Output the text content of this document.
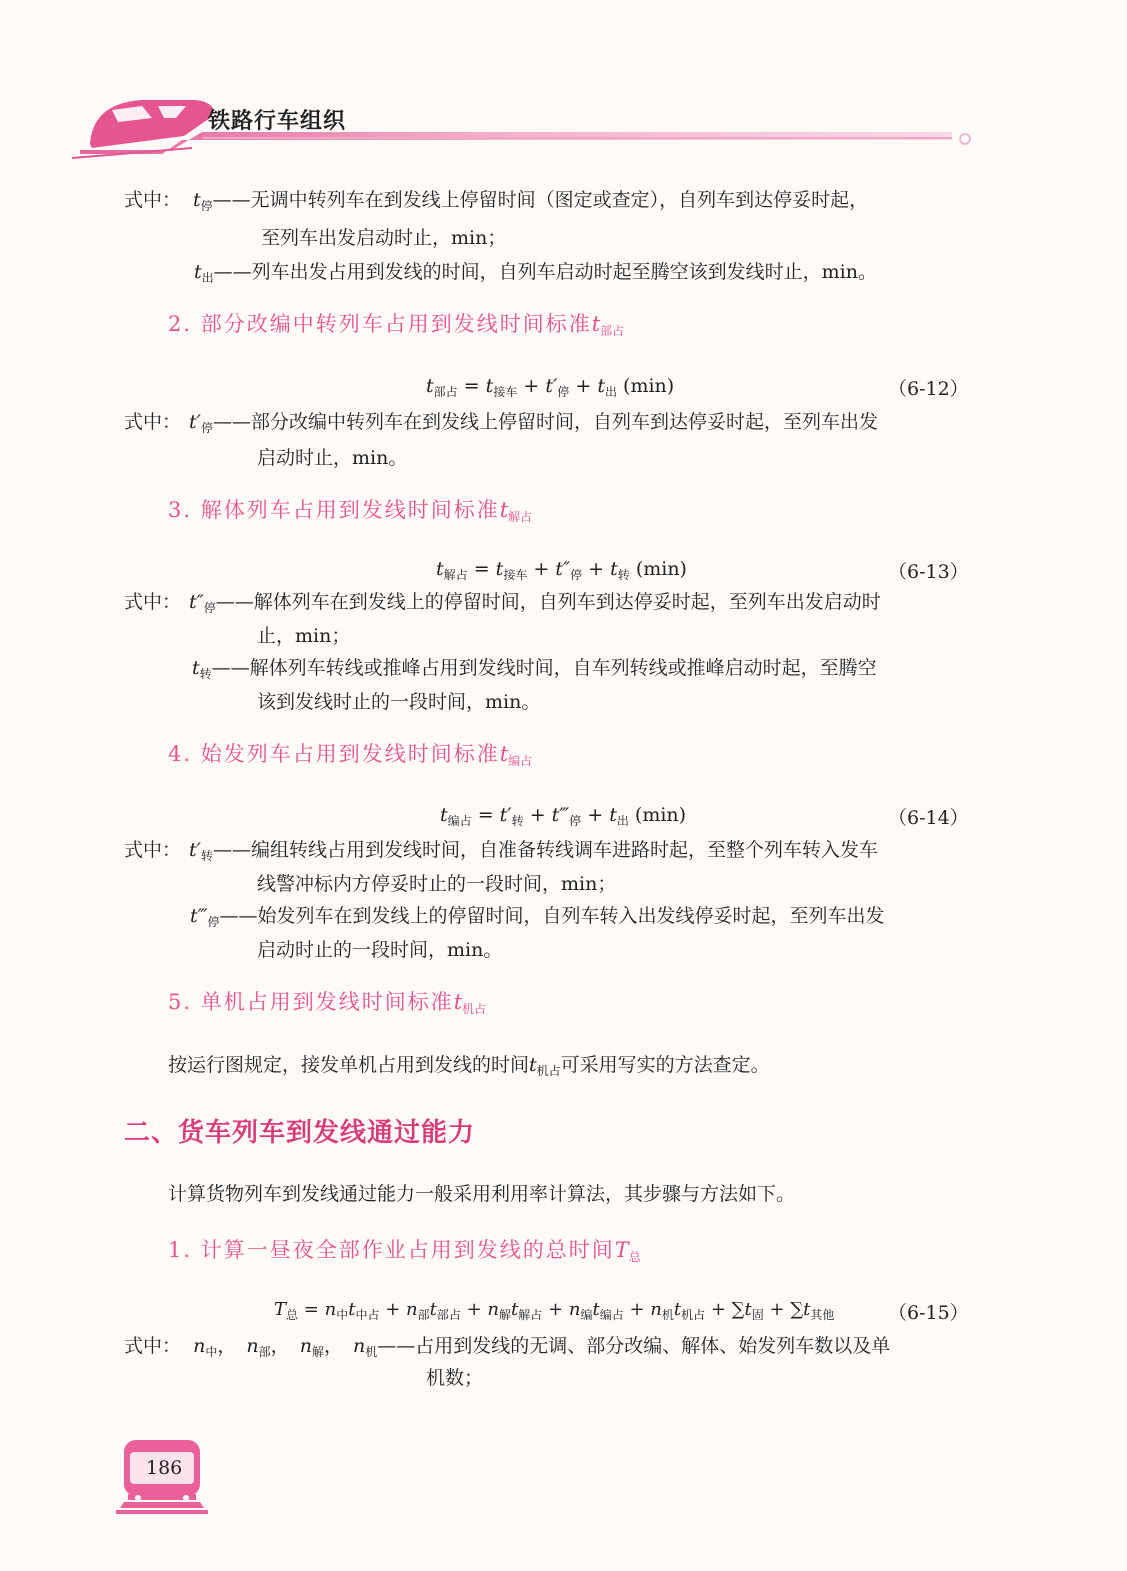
铁路行车组织
式中： $t_停——$无调中转列车在到发线上停留时间（图定或查定），自列车到达停妥时起，
至列车出发启动时止，min；
$t_出——$列车出发占用到发线的时间，自列车启动时起至腾空该到发线时止，min。
2. 部分改编中转列车占用到发线时间标准$t_{部占}$
$t_{部占} = t_{接车} + t'_停 + t_出$ (min)	（6-12）
式中： $t'_停——$部分改编中转列车在到发线上停留时间，自列车到达停妥时起，至列车出发
启动时止，min。
3. 解体列车占用到发线时间标准$t_{解占}$
$t_{解占} = t_{接车} + t''_停 + t_转$ (min)	（6-13）
式中： $t''_停——$解体列车在到发线上的停留时间，自列车到达停妥时起，至列车出发启动时
止，min；
$t_转——$解体列车转线或推峰占用到发线时间，自车列转线或推峰启动时起，至腾空
该到发线时止的一段时间，min。
4. 始发列车占用到发线时间标准$t_{编占}$
$t_{编占} = t'_转$ + $t‴_停 + t_出$ (min)	（6-14）
式中： $t'_转——$编组转线占用到发线时间，自准备转线调车进路时起，至整个列车转入发车
线警冲标内方停妥时止的一段时间，min；
$t‴_停——$始发列车在到发线上的停留时间，自列车转入出发线停妥时起，至列车出发
启动时止的一段时间，min。
5. 单机占用到发线时间标准$t_{机占}$
按运行图规定，接发单机占用到发线的时间$t_{机占}$可采用写实的方法查定。
二、货车列车到发线通过能力
计算货物列车到发线通过能力一般采用利用率计算法，其步骤与方法如下。
1. 计算一昼夜全部作业占用到发线的总时间$T_总$
$T_总 = n_中t_{中占} + n_部t_{部占} + n_解t_{解占} + n_编t_{编占} + n_机t_{机占} + \sum t_固 + \sum t_{其他}$	（6-15）
式中： $n_中$， $n_部$， $n_解$， $n_机——$占用到发线的无调、部分改编、解体、始发列车数以及单
机数；
186
